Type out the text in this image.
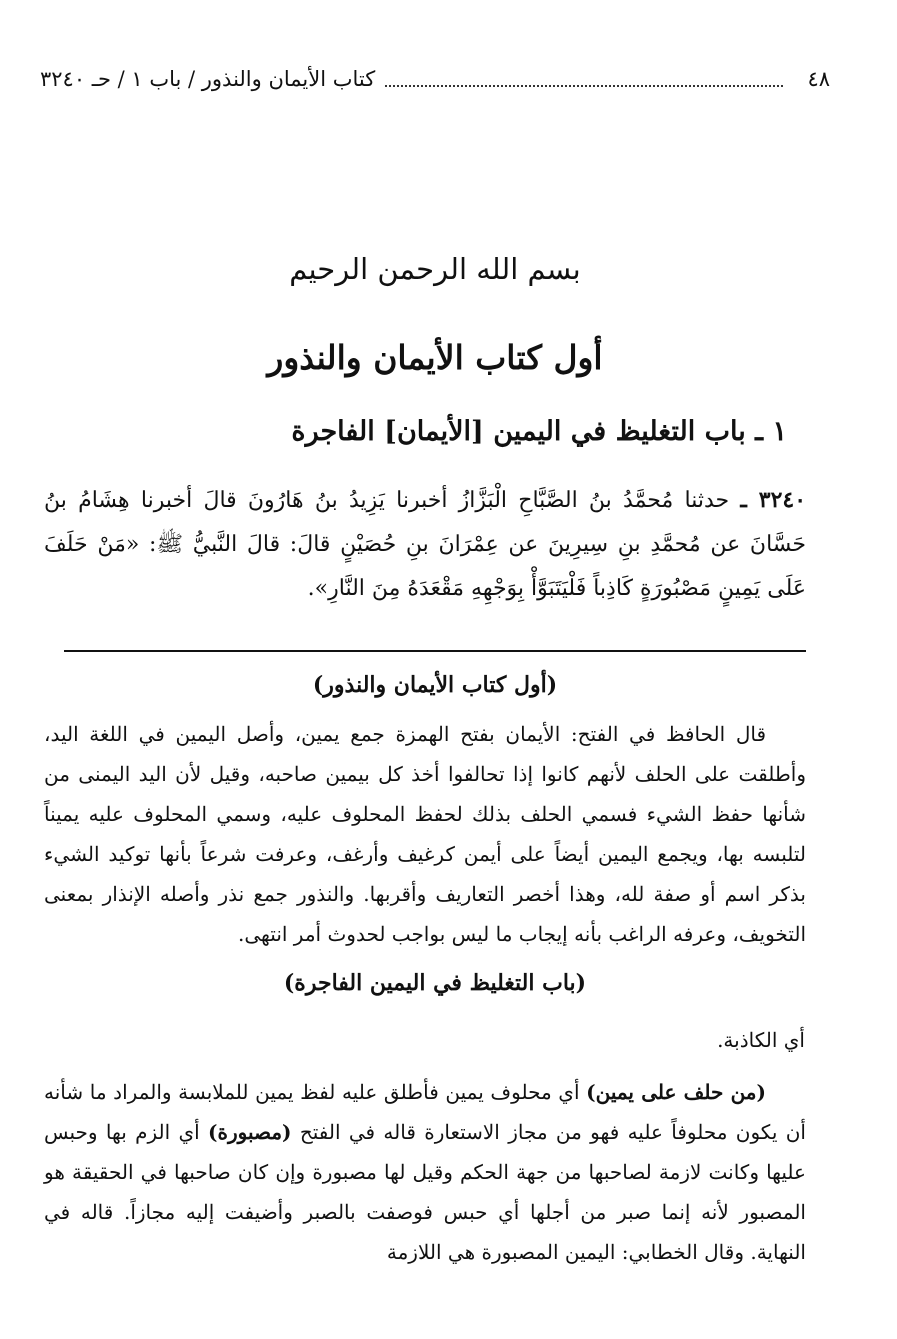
٤٨
كتاب الأيمان والنذور / باب ١ / حـ ٣٢٤٠
بسم الله الرحمن الرحيم
أول كتاب الأيمان والنذور
١ ـ باب التغليظ في اليمين [الأيمان] الفاجرة
٣٢٤٠ ـ حدثنا مُحمَّدُ بنُ الصَّبَّاحِ الْبَزَّازُ أخبرنا يَزِيدُ بنُ هَارُونَ قالَ أخبرنا هِشَامُ بنُ حَسَّانَ عن مُحمَّدِ بنِ سِيرِينَ عن عِمْرَانَ بنِ حُصَيْنٍ قالَ: قالَ النَّبيُّ ﷺ: «مَنْ حَلَفَ عَلَى يَمِينٍ مَصْبُورَةٍ كَاذِباً فَلْيَتَبَوَّأْ بِوَجْهِهِ مَقْعَدَهُ مِنَ النَّارِ».
(أول كتاب الأيمان والنذور)
قال الحافظ في الفتح: الأيمان بفتح الهمزة جمع يمين، وأصل اليمين في اللغة اليد، وأطلقت على الحلف لأنهم كانوا إذا تحالفوا أخذ كل بيمين صاحبه، وقيل لأن اليد اليمنى من شأنها حفظ الشيء فسمي الحلف بذلك لحفظ المحلوف عليه، وسمي المحلوف عليه يميناً لتلبسه بها، ويجمع اليمين أيضاً على أيمن كرغيف وأرغف، وعرفت شرعاً بأنها توكيد الشيء بذكر اسم أو صفة لله، وهذا أخصر التعاريف وأقربها. والنذور جمع نذر وأصله الإنذار بمعنى التخويف، وعرفه الراغب بأنه إيجاب ما ليس بواجب لحدوث أمر انتهى.
(باب التغليظ في اليمين الفاجرة)
أي الكاذبة.
(من حلف على يمين) أي محلوف يمين فأطلق عليه لفظ يمين للملابسة والمراد ما شأنه أن يكون محلوفاً عليه فهو من مجاز الاستعارة قاله في الفتح (مصبورة) أي الزم بها وحبس عليها وكانت لازمة لصاحبها من جهة الحكم وقيل لها مصبورة وإن كان صاحبها في الحقيقة هو المصبور لأنه إنما صبر من أجلها أي حبس فوصفت بالصبر وأضيفت إليه مجازاً. قاله في النهاية. وقال الخطابي: اليمين المصبورة هي اللازمة
